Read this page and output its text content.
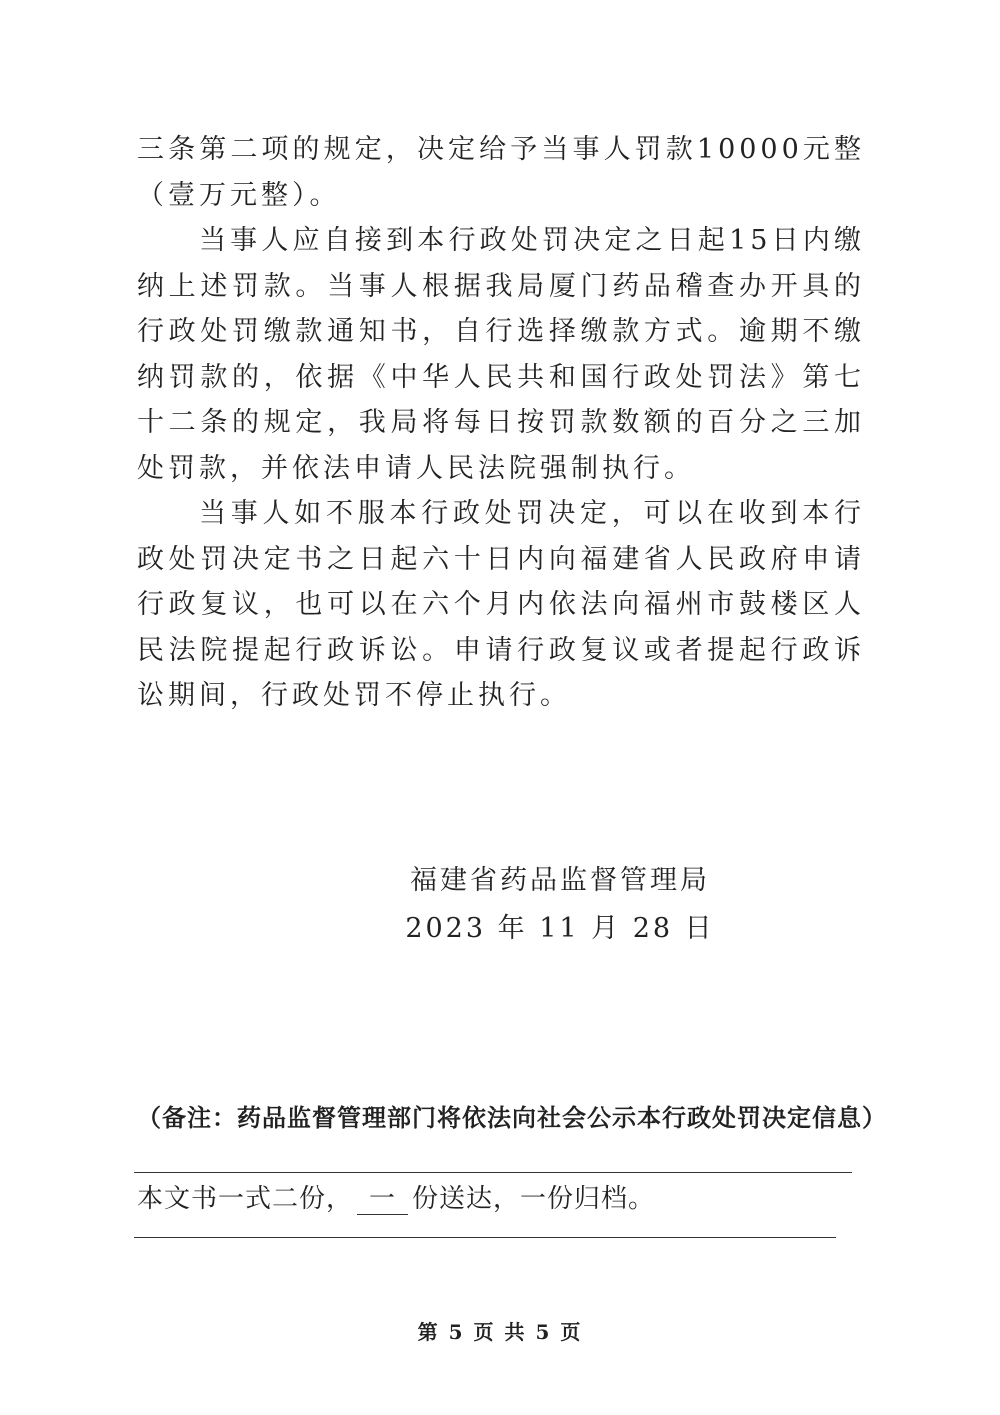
三条第二项的规定，决定给予当事人罚款10000元整（壹万元整）。

当事人应自接到本行政处罚决定之日起15日内缴纳上述罚款。当事人根据我局厦门药品稽查办开具的行政处罚缴款通知书，自行选择缴款方式。逾期不缴纳罚款的，依据《中华人民共和国行政处罚法》第七十二条的规定，我局将每日按罚款数额的百分之三加处罚款，并依法申请人民法院强制执行。

当事人如不服本行政处罚决定，可以在收到本行政处罚决定书之日起六十日内向福建省人民政府申请行政复议，也可以在六个月内依法向福州市鼓楼区人民法院提起行政诉讼。申请行政复议或者提起行政诉讼期间，行政处罚不停止执行。

福建省药品监督管理局

2023 年 11 月 28 日

（备注：药品监督管理部门将依法向社会公示本行政处罚决定信息）

本文书一式二份， 一 份送达，一份归档。

第 5 页 共 5 页
